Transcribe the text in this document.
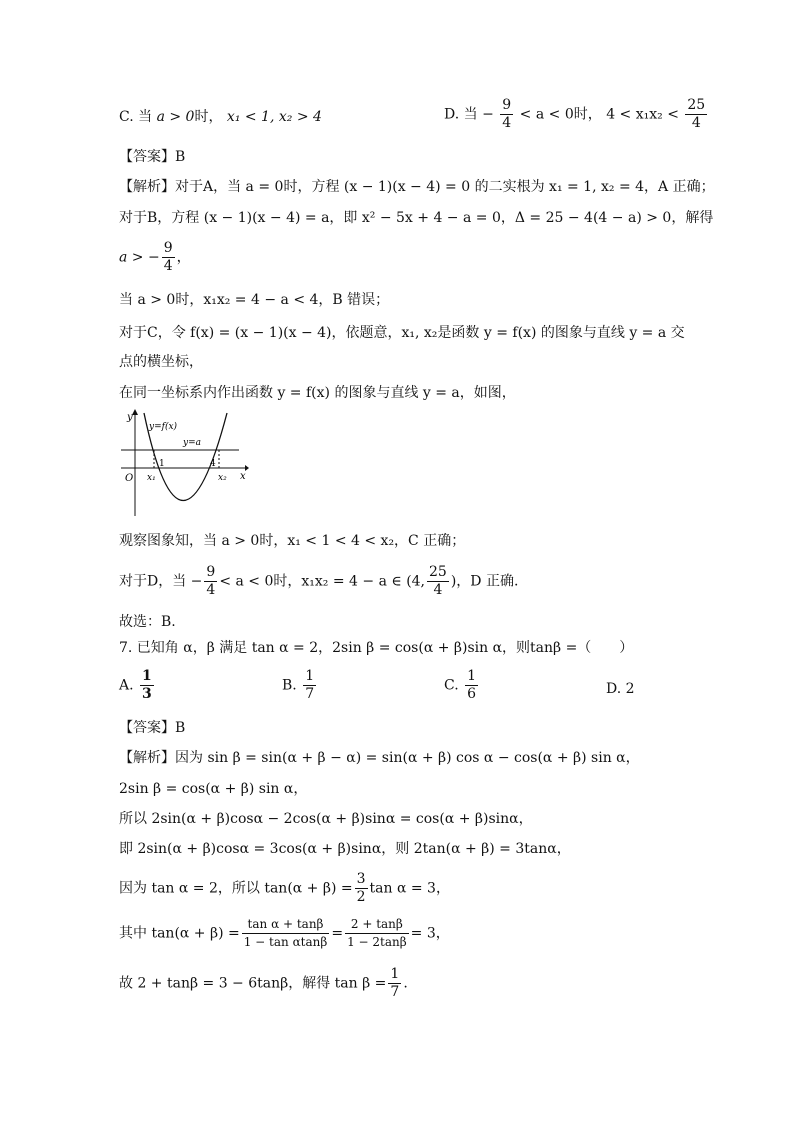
C. 当 a > 0时， x₁ < 1, x₂ > 4	D. 当 − $\frac{9}{4} < a < 0$时， $4 < x_1x_2 < \frac{25}{4}$
【答案】B
【解析】对于A，当 a = 0时，方程 (x − 1)(x − 4) = 0 的二实根为 x₁ = 1, x₂ = 4，A 正确；
对于B，方程 (x − 1)(x − 4) = a，即 x² − 5x + 4 − a = 0，Δ = 25 − 4(4 − a) > 0，解得
a > − $\frac{9}{4}$ ，
当 a > 0时，x₁x₂ = 4 − a < 4，B 错误；
对于C，令 f(x) = (x − 1)(x − 4)，依题意，x₁, x₂是函数 y = f(x) 的图象与直线 y = a 交
点的横坐标，
在同一坐标系内作出函数 y = f(x) 的图象与直线 y = a，如图，
y
x
O
y=f(x)
y=a
1	4
x₁	x₂
观察图象知，当 a > 0时，x₁ < 1 < 4 < x₂，C 正确；
对于D，当 − $\frac{9}{4} < a < 0$时，x₁x₂ = 4 − a ∈ (4, $\frac{25}{4}$ )，D 正确.
故选：B.
7. 已知角 α，β 满足 tan α = 2，2sin β = cos(α + β)sin α，则tanβ =（　　）
A. $\frac{1}{3}$	B. $\frac{1}{7}$	C. $\frac{1}{6}$	D. 2
【答案】B
【解析】因为 sin β = sin(α + β − α) = sin(α + β) cos α − cos(α + β) sin α，
2sin β = cos(α + β) sin α，
所以 2sin(α + β)cosα − 2cos(α + β)sinα = cos(α + β)sinα，
即 2sin(α + β)cosα = 3cos(α + β)sinα，则 2tan(α + β) = 3tanα，
因为 tan α = 2，所以 $\tan(\alpha + \beta) = \frac{3}{2}$ tan α = 3，
其中 $\tan(\alpha + \beta) = \frac{\text{tan α + tanβ}}{\text{1 − tan αtanβ}} = \frac{2 + \tan\beta}{1 - 2\tan\beta} = 3$，
故 2 + tanβ = 3 − 6tanβ，解得 $\tan \beta = \frac{1}{7}$ .
